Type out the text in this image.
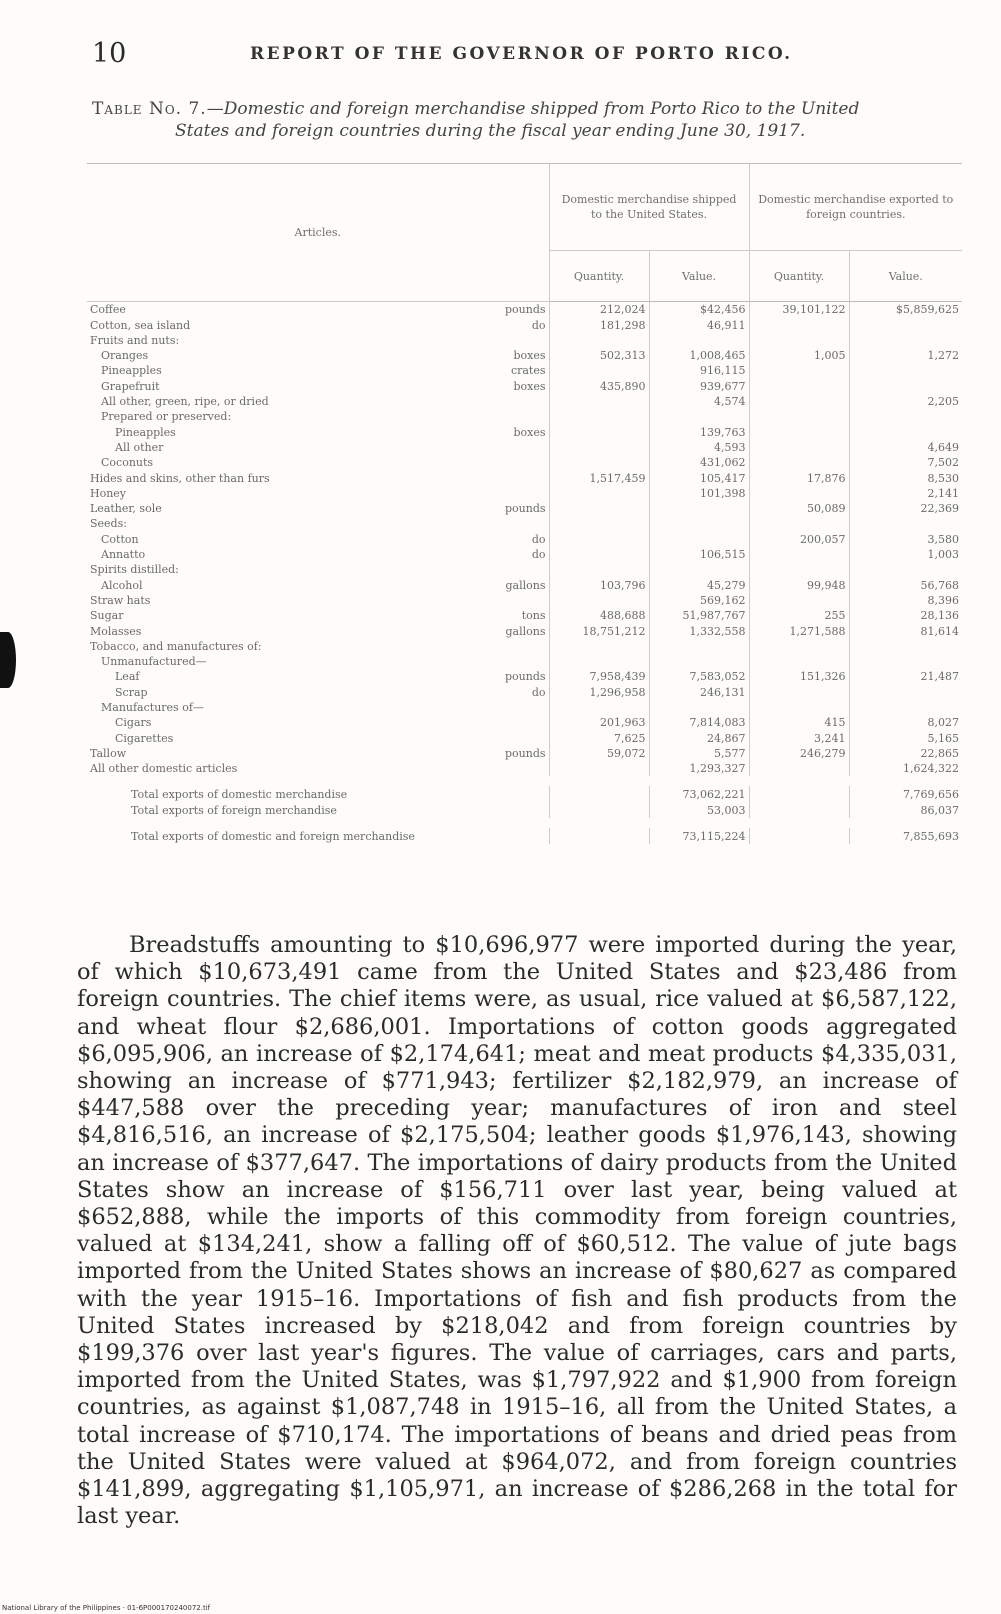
10	REPORT OF THE GOVERNOR OF PORTO RICO.
Table No. 7.—Domestic and foreign merchandise shipped from Porto Rico to the United
States and foreign countries during the fiscal year ending June 30, 1917.
Articles.		Domestic merchandise shipped to the United States.		Domestic merchandise exported to foreign countries.	
		Quantity.	Value.	Quantity.	Value.
Coffee	pounds	212,024	$42,456	39,101,122	$5,859,625
Cotton, sea island	do	181,298	46,911		
Fruits and nuts:					
Oranges	boxes	502,313	1,008,465	1,005	1,272
Pineapples	crates		916,115		
Grapefruit	boxes	435,890	939,677		
All other, green, ripe, or dried			4,574		2,205
Prepared or preserved:					
Pineapples	boxes		139,763		
All other			4,593		4,649
Coconuts			431,062		7,502
Hides and skins, other than furs		1,517,459	105,417	17,876	8,530
Honey			101,398		2,141
Leather, sole	pounds			50,089	22,369
Seeds:					
Cotton	do			200,057	3,580
Annatto	do		106,515		1,003
Spirits distilled:					
Alcohol	gallons	103,796	45,279	99,948	56,768
Straw hats			569,162		8,396
Sugar	tons	488,688	51,987,767	255	28,136
Molasses	gallons	18,751,212	1,332,558	1,271,588	81,614
Tobacco, and manufactures of:					
Unmanufactured—					
Leaf	pounds	7,958,439	7,583,052	151,326	21,487
Scrap	do	1,296,958	246,131		
Manufactures of—					
Cigars		201,963	7,814,083	415	8,027
Cigarettes		7,625	24,867	3,241	5,165
Tallow	pounds	59,072	5,577	246,279	22,865
All other domestic articles			1,293,327		1,624,322

Total exports of domestic merchandise			73,062,221		7,769,656
Total exports of foreign merchandise			53,003		86,037

Total exports of domestic and foreign merchandise			73,115,224		7,855,693

Breadstuffs amounting to $10,696,977 were imported during the year, of which $10,673,491 came from the United States and $23,486 from foreign countries. The chief items were, as usual, rice valued at $6,587,122, and wheat flour $2,686,001. Importations of cotton goods aggregated $6,095,906, an increase of $2,174,641; meat and meat products $4,335,031, showing an increase of $771,943; fertilizer $2,182,979, an increase of $447,588 over the preceding year; manufactures of iron and steel $4,816,516, an increase of $2,175,504; leather goods $1,976,143, showing an increase of $377,647. The importations of dairy products from the United States show an increase of $156,711 over last year, being valued at $652,888, while the imports of this commodity from foreign countries, valued at $134,241, show a falling off of $60,512. The value of jute bags imported from the United States shows an increase of $80,627 as compared with the year 1915–16. Importations of fish and fish products from the United States increased by $218,042 and from foreign countries by $199,376 over last year's figures. The value of carriages, cars and parts, imported from the United States, was $1,797,922 and $1,900 from foreign countries, as against $1,087,748 in 1915–16, all from the United States, a total increase of $710,174. The importations of beans and dried peas from the United States were valued at $964,072, and from foreign countries $141,899, aggregating $1,105,971, an increase of $286,268 in the total for last year.

National Library of the Philippines · 01-6P000170240072.tif
